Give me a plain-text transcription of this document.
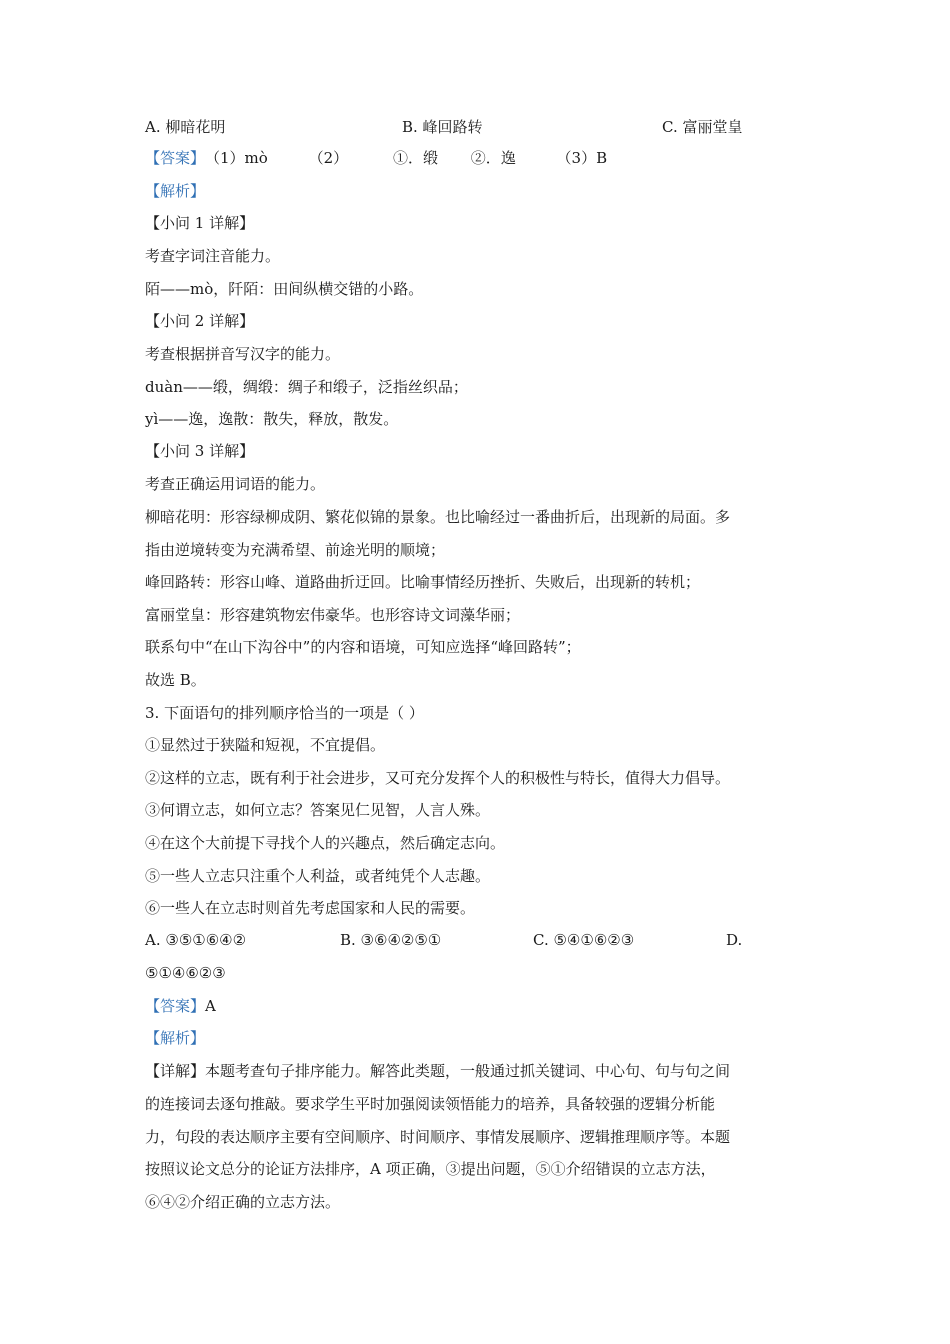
A. 柳暗花明	B. 峰回路转	C. 富丽堂皇
【答案】（1）mò	（2）	①．缎 ②．逸	（3）B
【解析】
【小问 1 详解】
考查字词注音能力。
陌——mò，阡陌：田间纵横交错的小路。
【小问 2 详解】
考查根据拼音写汉字的能力。
duàn——缎，绸缎：绸子和缎子，泛指丝织品；
yì——逸，逸散：散失，释放，散发。
【小问 3 详解】
考查正确运用词语的能力。
柳暗花明：形容绿柳成阴、繁花似锦的景象。也比喻经过一番曲折后，出现新的局面。多
指由逆境转变为充满希望、前途光明的顺境；
峰回路转：形容山峰、道路曲折迂回。比喻事情经历挫折、失败后，出现新的转机；
富丽堂皇：形容建筑物宏伟豪华。也形容诗文词藻华丽；
联系句中“在山下沟谷中”的内容和语境，可知应选择“峰回路转”；
故选 B。
3. 下面语句的排列顺序恰当的一项是（ ）
①显然过于狭隘和短视，不宜提倡。
②这样的立志，既有利于社会进步，又可充分发挥个人的积极性与特长，值得大力倡导。
③何谓立志，如何立志？答案见仁见智，人言人殊。
④在这个大前提下寻找个人的兴趣点，然后确定志向。
⑤一些人立志只注重个人利益，或者纯凭个人志趣。
⑥一些人在立志时则首先考虑国家和人民的需要。
A. ③⑤①⑥④②	B. ③⑥④②⑤①	C. ⑤④①⑥②③	D.
⑤①④⑥②③
【答案】A
【解析】
【详解】本题考查句子排序能力。解答此类题，一般通过抓关键词、中心句、句与句之间
的连接词去逐句推敲。要求学生平时加强阅读领悟能力的培养，具备较强的逻辑分析能
力，句段的表达顺序主要有空间顺序、时间顺序、事情发展顺序、逻辑推理顺序等。本题
按照议论文总分的论证方法排序，A 项正确，③提出问题，⑤①介绍错误的立志方法，
⑥④②介绍正确的立志方法。
